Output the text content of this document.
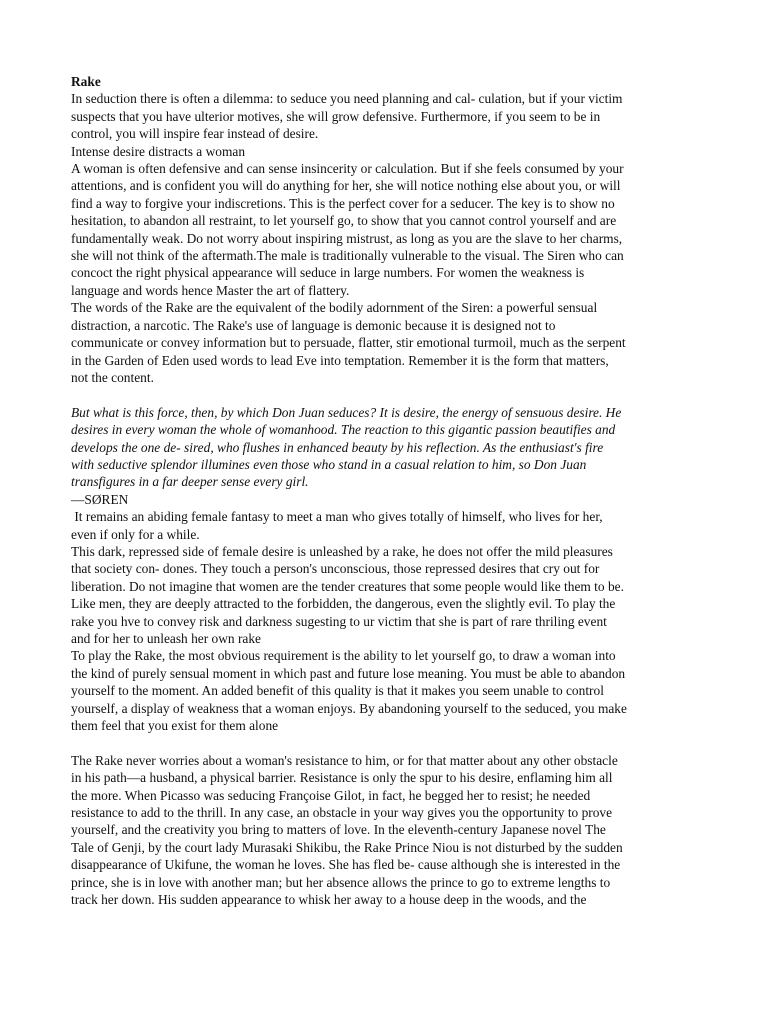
Rake
In seduction there is often a dilemma: to seduce you need planning and cal- culation, but if your victim
suspects that you have ulterior motives, she will grow defensive. Furthermore, if you seem to be in
control, you will inspire fear instead of desire.
Intense desire distracts a woman
A woman is often defensive and can sense insincerity or calculation. But if she feels consumed by your
attentions, and is confident you will do anything for her, she will notice nothing else about you, or will
find a way to forgive your indiscretions. This is the perfect cover for a seducer. The key is to show no
hesitation, to abandon all restraint, to let yourself go, to show that you cannot control yourself and are
fundamentally weak. Do not worry about inspiring mistrust, as long as you are the slave to her charms,
she will not think of the aftermath.The male is traditionally vulnerable to the visual. The Siren who can
concoct the right physical appearance will seduce in large numbers. For women the weakness is
language and words hence Master the art of flattery.
The words of the Rake are the equivalent of the bodily adornment of the Siren: a powerful sensual
distraction, a narcotic. The Rake's use of language is demonic because it is designed not to
communicate or convey information but to persuade, flatter, stir emotional turmoil, much as the serpent
in the Garden of Eden used words to lead Eve into temptation. Remember it is the form that matters,
not the content.
But what is this force, then, by which Don Juan seduces? It is desire, the energy of sensuous desire. He
desires in every woman the whole of womanhood. The reaction to this gigantic passion beautifies and
develops the one de- sired, who flushes in enhanced beauty by his reflection. As the enthusiast's fire
with seductive splendor illumines even those who stand in a casual relation to him, so Don Juan
transfigures in a far deeper sense every girl.
—SØREN
It remains an abiding female fantasy to meet a man who gives totally of himself, who lives for her,
even if only for a while.
This dark, repressed side of female desire is unleashed by a rake, he does not offer the mild pleasures
that society con- dones. They touch a person's unconscious, those repressed desires that cry out for
liberation. Do not imagine that women are the tender creatures that some people would like them to be.
Like men, they are deeply attracted to the forbidden, the dangerous, even the slightly evil. To play the
rake you hve to convey risk and darkness sugesting to ur victim that she is part of rare thriling event
and for her to unleash her own rake
To play the Rake, the most obvious requirement is the ability to let yourself go, to draw a woman into
the kind of purely sensual moment in which past and future lose meaning. You must be able to abandon
yourself to the moment. An added benefit of this quality is that it makes you seem unable to control
yourself, a display of weakness that a woman enjoys. By abandoning yourself to the seduced, you make
them feel that you exist for them alone
The Rake never worries about a woman's resistance to him, or for that matter about any other obstacle
in his path—a husband, a physical barrier. Resistance is only the spur to his desire, enflaming him all
the more. When Picasso was seducing Françoise Gilot, in fact, he begged her to resist; he needed
resistance to add to the thrill. In any case, an obstacle in your way gives you the opportunity to prove
yourself, and the creativity you bring to matters of love. In the eleventh-century Japanese novel The
Tale of Genji, by the court lady Murasaki Shikibu, the Rake Prince Niou is not disturbed by the sudden
disappearance of Ukifune, the woman he loves. She has fled be- cause although she is interested in the
prince, she is in love with another man; but her absence allows the prince to go to extreme lengths to
track her down. His sudden appearance to whisk her away to a house deep in the woods, and the
